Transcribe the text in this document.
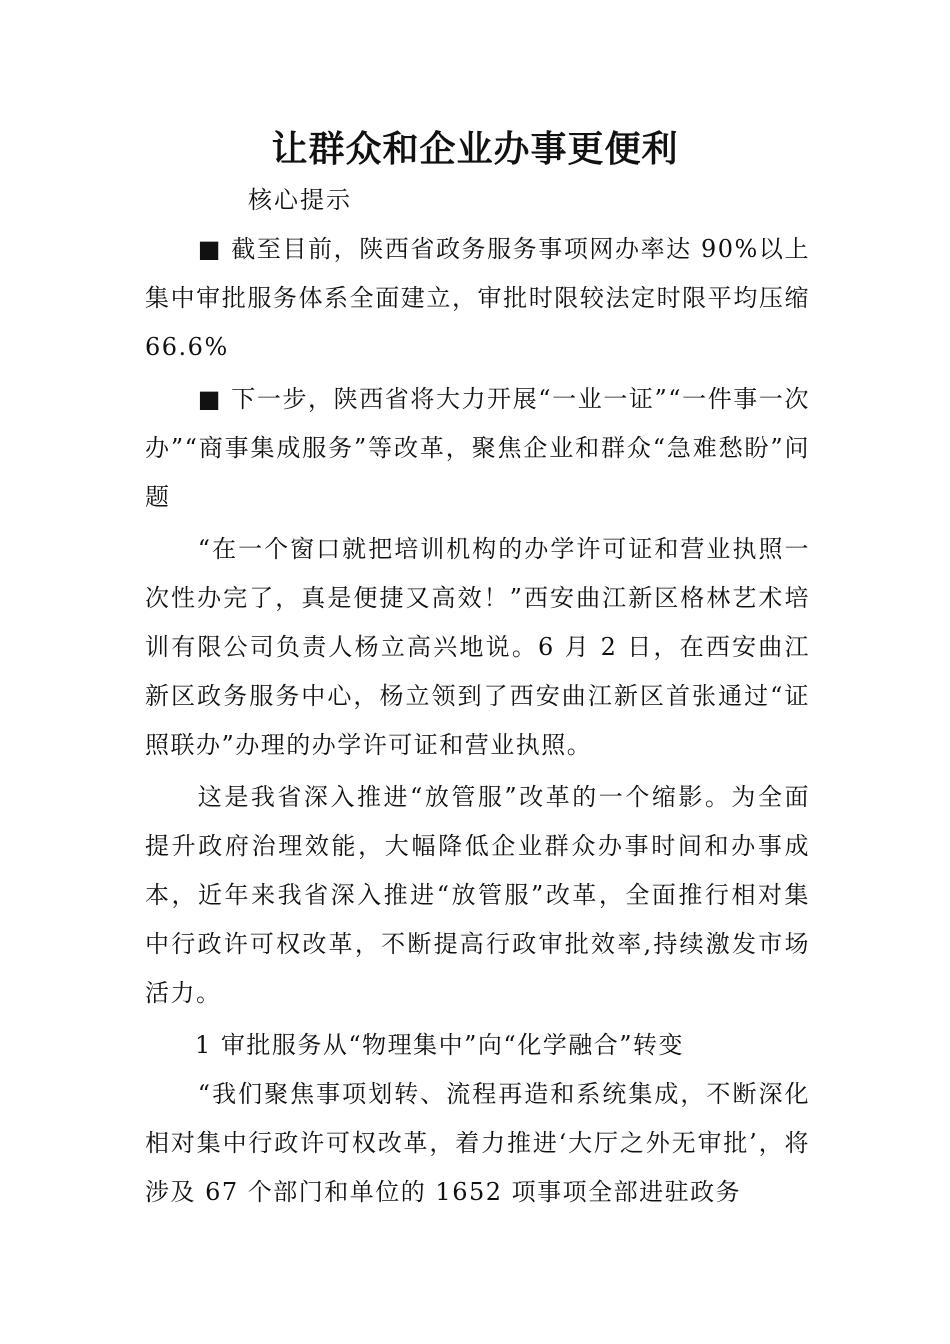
让群众和企业办事更便利
核心提示

■ 截至目前，陕西省政务服务事项网办率达 90%以上集中审批服务体系全面建立，审批时限较法定时限平均压缩 66.6%

■ 下一步，陕西省将大力开展“一业一证”“一件事一次办”“商事集成服务”等改革，聚焦企业和群众“急难愁盼”问题

“在一个窗口就把培训机构的办学许可证和营业执照一次性办完了，真是便捷又高效！”西安曲江新区格林艺术培训有限公司负责人杨立高兴地说。6 月 2 日，在西安曲江新区政务服务中心，杨立领到了西安曲江新区首张通过“证照联办”办理的办学许可证和营业执照。

这是我省深入推进“放管服”改革的一个缩影。为全面提升政府治理效能，大幅降低企业群众办事时间和办事成本，近年来我省深入推进“放管服”改革，全面推行相对集中行政许可权改革，不断提高行政审批效率,持续激发市场活力。

1 审批服务从“物理集中”向“化学融合”转变

“我们聚焦事项划转、流程再造和系统集成，不断深化相对集中行政许可权改革，着力推进‘大厅之外无审批’，将涉及 67 个部门和单位的 1652 项事项全部进驻政务
